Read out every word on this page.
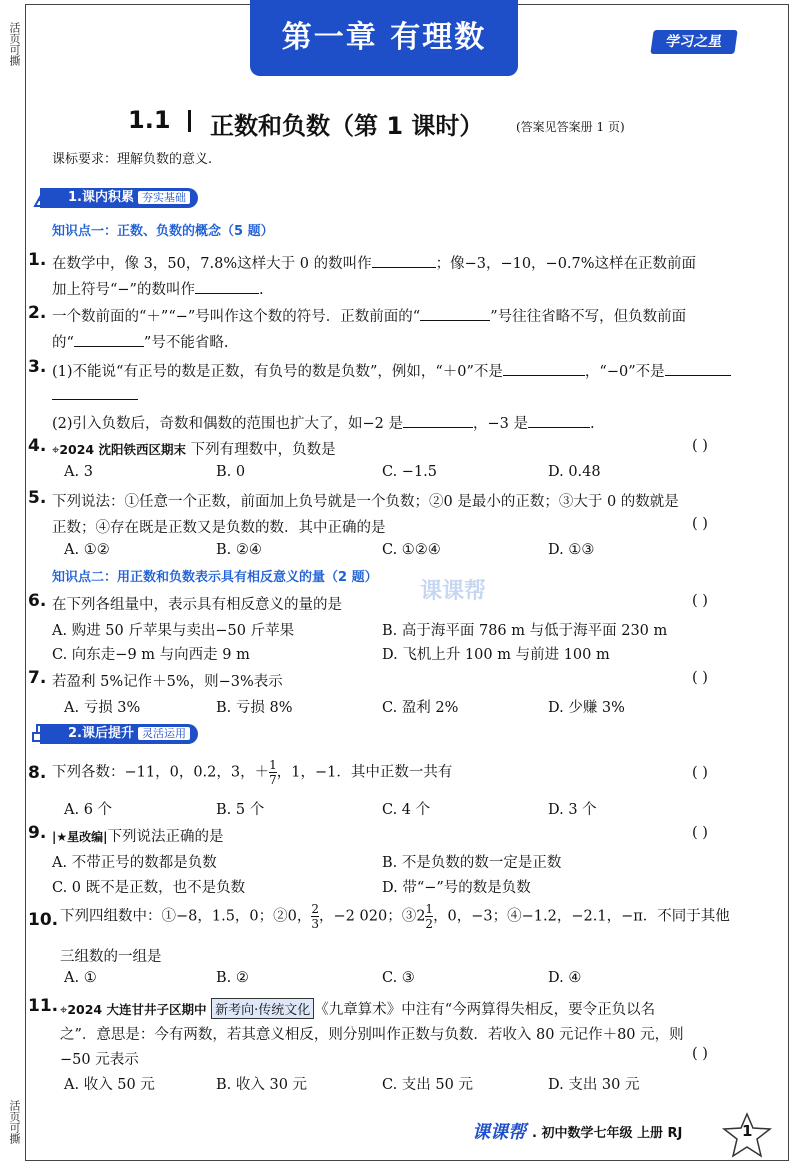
活页可撕
活页可撕
第一章 有理数	学习之星
1.1 正数和负数（第 1 课时）	(答案见答案册 1 页)
课标要求：理解负数的意义.
1.课内积累 夯实基础
知识点一：正数、负数的概念（5 题）
1. 在数学中，像 3，50，7.8%这样大于 0 的数叫作	；像−3，−10，−0.7%这样在正数前面
加上符号“−”的数叫作	.
2. 一个数前面的“＋”“−”号叫作这个数的符号．正数前面的“	”号往往省略不写，但负数前面
的“	”号不能省略.
3. (1)不能说“有正号的数是正数，有负号的数是负数”，例如，“＋0”不是	，“−0”不是
(2)引入负数后，奇数和偶数的范围也扩大了，如−2 是	，−3 是	.
4. ⌖2024 沈阳铁西区期末 下列有理数中，负数是	( )
A. 3	B. 0	C. −1.5	D. 0.48
5. 下列说法：①任意一个正数，前面加上负号就是一个负数；②0 是最小的正数；③大于 0 的数就是
正数；④存在既是正数又是负数的数．其中正确的是	( )
A. ①②	B. ②④	C. ①②④	D. ①③
知识点二：用正数和负数表示具有相反意义的量（2 题）
课课帮
6. 在下列各组量中，表示具有相反意义的量的是	( )
A. 购进 50 斤苹果与卖出−50 斤苹果	B. 高于海平面 786 m 与低于海平面 230 m
C. 向东走−9 m 与向西走 9 m	D. 飞机上升 100 m 与前进 100 m
7. 若盈利 5%记作＋5%，则−3%表示	( )
A. 亏损 3%	B. 亏损 8%	C. 盈利 2%	D. 少赚 3%
2.课后提升 灵活运用
8. 下列各数：−11，0，0.2，3，＋ $\frac{1}{7}$ ，1，−1．其中正数一共有	( )
A. 6 个	B. 5 个	C. 4 个	D. 3 个
9. |★星改编|下列说法正确的是	( )
A. 不带正号的数都是负数	B. 不是负数的数一定是正数
C. 0 既不是正数，也不是负数	D. 带“−”号的数是负数
10. 下列四组数中：①−8，1.5，0；②0， $\frac{2}{3}$ ，−2 020；③2 $\frac{1}{2}$ ，0，−3；④−1.2，−2.1，−π．不同于其他
三组数的一组是
A. ①	B. ②	C. ③	D. ④
11. ⌖2024 大连甘井子区期中 新考向·传统文化 《九章算术》中注有“今两算得失相反，要令正负以名
之”．意思是：今有两数，若其意义相反，则分别叫作正数与负数．若收入 80 元记作＋80 元，则
−50 元表示	( )
A. 收入 50 元	B. 收入 30 元	C. 支出 50 元	D. 支出 30 元
课课帮 . 初中数学七年级 上册 RJ	1
